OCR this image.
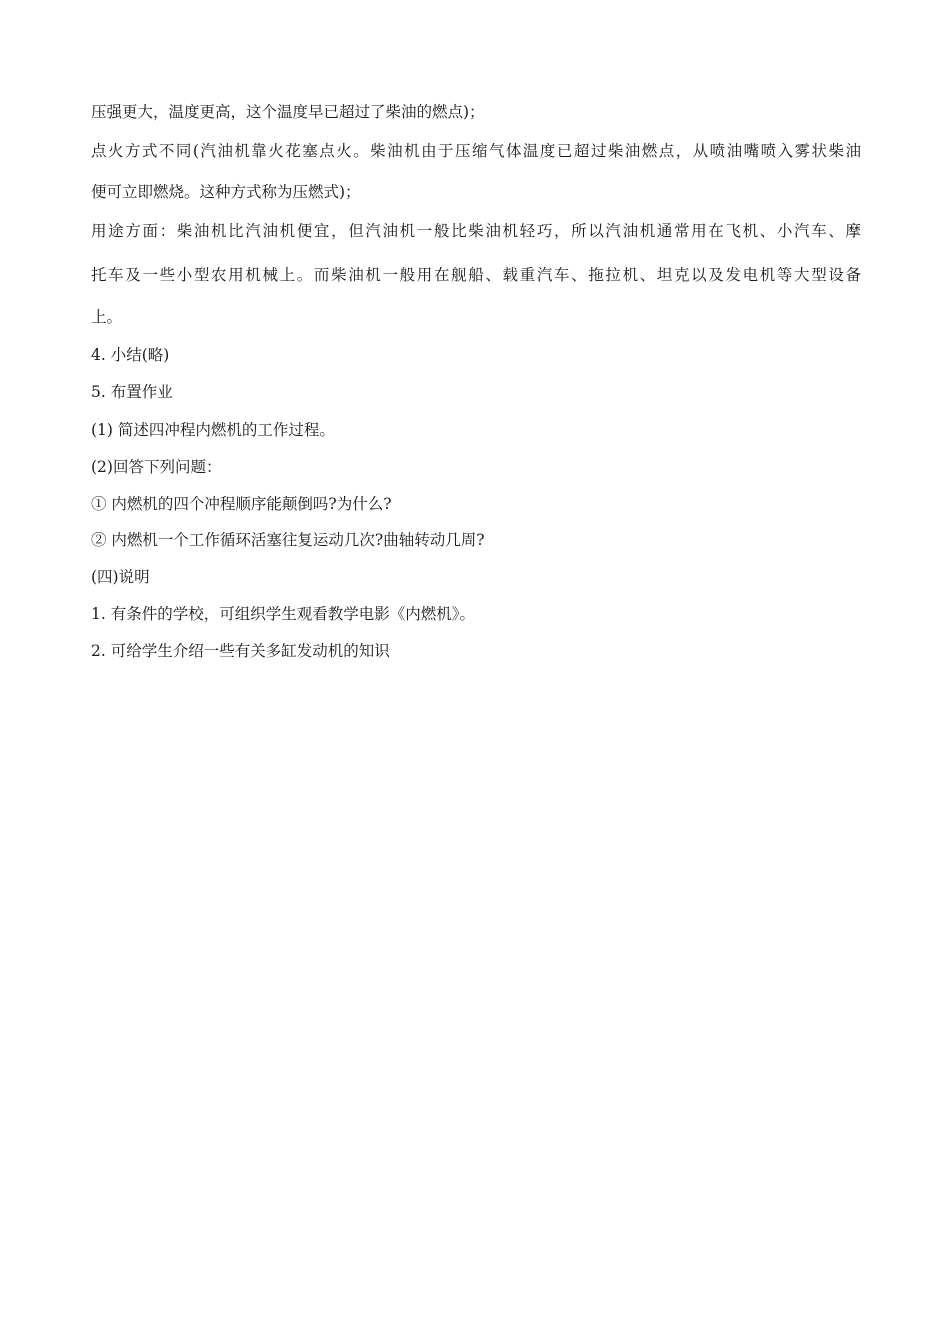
压强更大，温度更高，这个温度早已超过了柴油的燃点)；
点火方式不同(汽油机靠火花塞点火。柴油机由于压缩气体温度已超过柴油燃点，从喷油嘴喷入雾状柴油
便可立即燃烧。这种方式称为压燃式)；
用途方面：柴油机比汽油机便宜，但汽油机一般比柴油机轻巧，所以汽油机通常用在飞机、小汽车、摩
托车及一些小型农用机械上。而柴油机一般用在舰船、载重汽车、拖拉机、坦克以及发电机等大型设备
上。
4. 小结(略)
5. 布置作业
(1) 简述四冲程内燃机的工作过程。
(2)回答下列问题：
① 内燃机的四个冲程顺序能颠倒吗?为什么?
② 内燃机一个工作循环活塞往复运动几次?曲轴转动几周?
(四)说明
1. 有条件的学校，可组织学生观看教学电影《内燃机》。
2. 可给学生介绍一些有关多缸发动机的知识
